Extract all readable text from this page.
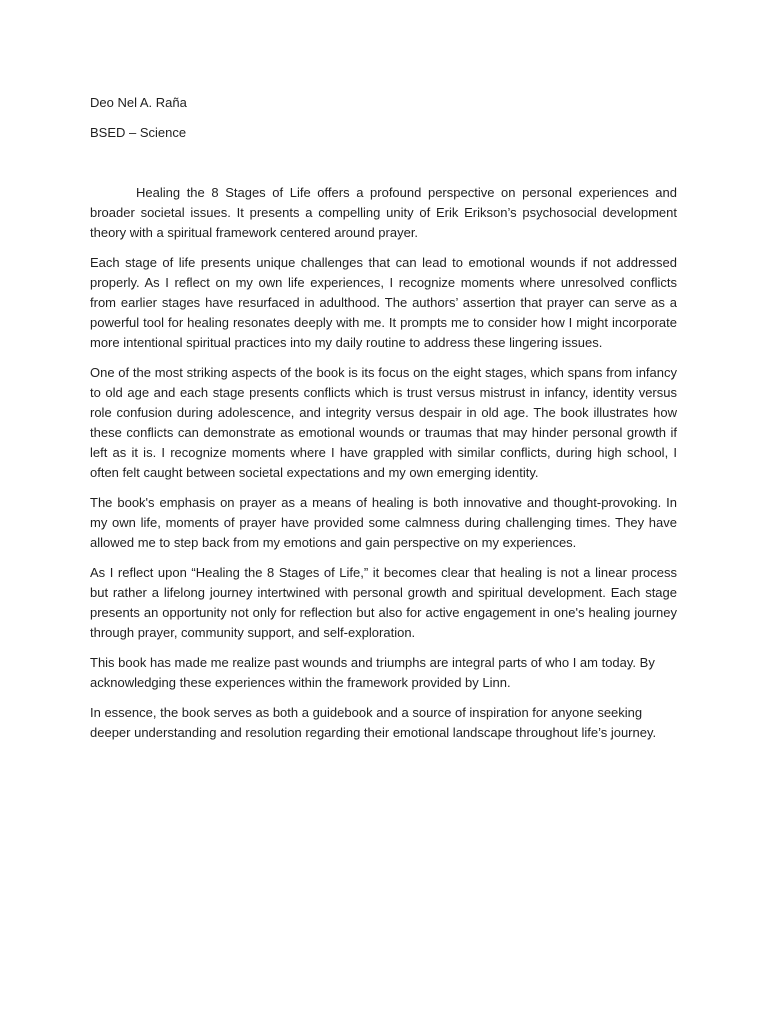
Deo Nel A. Raña

BSED – Science

Healing the 8 Stages of Life offers a profound perspective on personal experiences and broader societal issues. It presents a compelling unity of Erik Erikson’s psychosocial development theory with a spiritual framework centered around prayer.

Each stage of life presents unique challenges that can lead to emotional wounds if not addressed properly. As I reflect on my own life experiences, I recognize moments where unresolved conflicts from earlier stages have resurfaced in adulthood. The authors’ assertion that prayer can serve as a powerful tool for healing resonates deeply with me. It prompts me to consider how I might incorporate more intentional spiritual practices into my daily routine to address these lingering issues.

One of the most striking aspects of the book is its focus on the eight stages, which spans from infancy to old age and each stage presents conflicts which is trust versus mistrust in infancy, identity versus role confusion during adolescence, and integrity versus despair in old age. The book illustrates how these conflicts can demonstrate as emotional wounds or traumas that may hinder personal growth if left as it is. I recognize moments where I have grappled with similar conflicts, during high school, I often felt caught between societal expectations and my own emerging identity.

The book's emphasis on prayer as a means of healing is both innovative and thought-provoking. In my own life, moments of prayer have provided some calmness during challenging times. They have allowed me to step back from my emotions and gain perspective on my experiences.

As I reflect upon “Healing the 8 Stages of Life,” it becomes clear that healing is not a linear process but rather a lifelong journey intertwined with personal growth and spiritual development. Each stage presents an opportunity not only for reflection but also for active engagement in one's healing journey through prayer, community support, and self-exploration.

This book has made me realize past wounds and triumphs are integral parts of who I am today. By acknowledging these experiences within the framework provided by Linn.

In essence, the book serves as both a guidebook and a source of inspiration for anyone seeking deeper understanding and resolution regarding their emotional landscape throughout life’s journey.
